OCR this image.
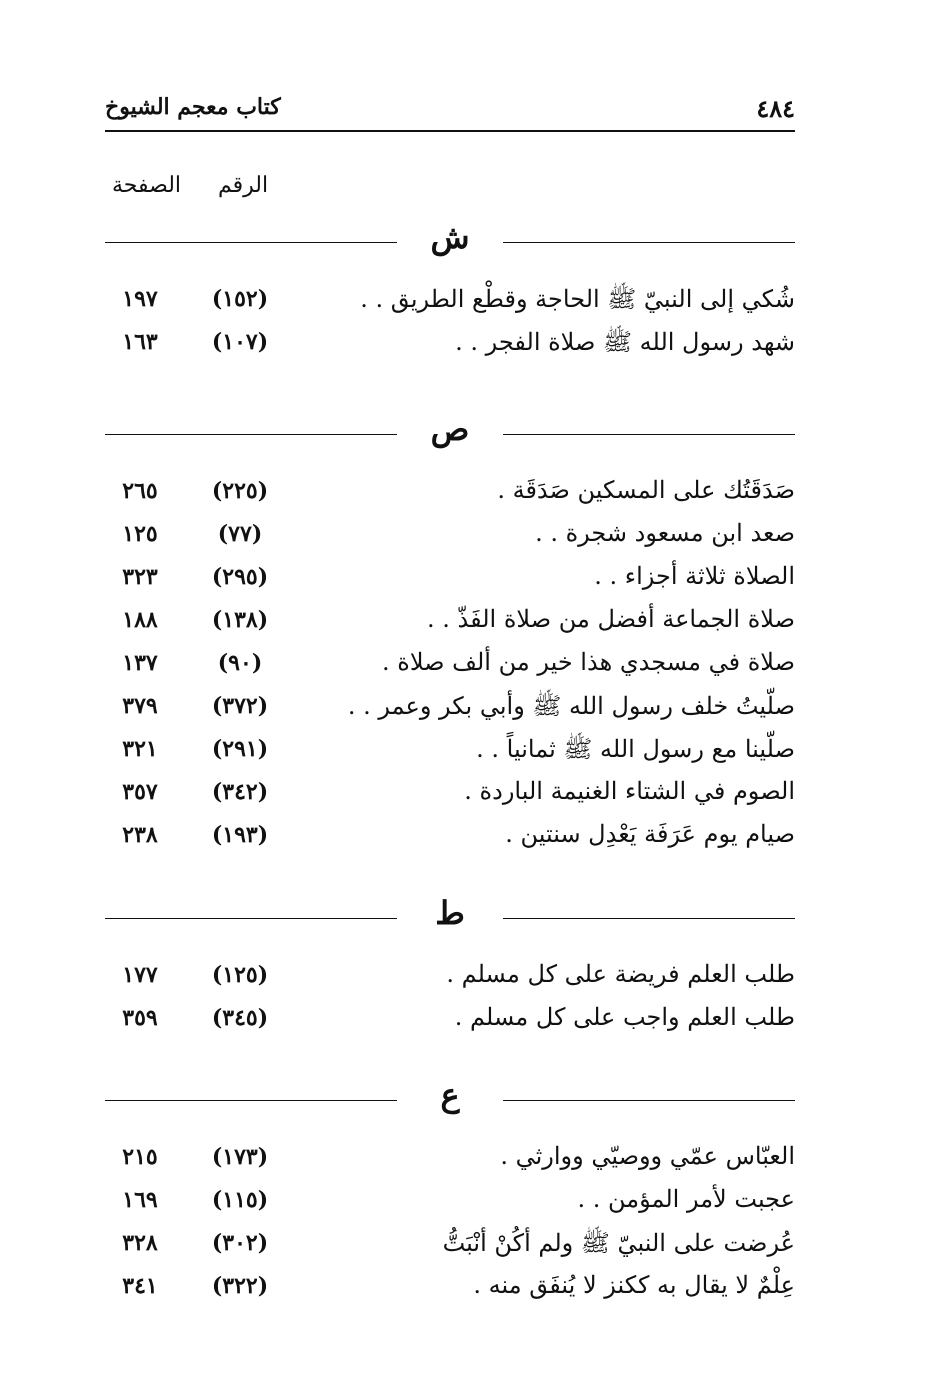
٤٨٤
كتاب معجم الشيوخ
الرقم
الصفحة
ش
شُكي إلى النبيّ ﷺ الحاجة وقطْع الطريق . .
(١٥٢)
١٩٧
شهد رسول الله ﷺ صلاة الفجر . .
(١٠٧)
١٦٣
ص
صَدَقَتُك على المسكين صَدَقَة .
(٢٢٥)
٢٦٥
صعد ابن مسعود شجرة . .
(٧٧)
١٢٥
الصلاة ثلاثة أجزاء . .
(٢٩٥)
٣٢٣
صلاة الجماعة أفضل من صلاة الفَذّ . .
(١٣٨)
١٨٨
صلاة في مسجدي هذا خير من ألف صلاة .
(٩٠)
١٣٧
صلّيتُ خلف رسول الله ﷺ وأبي بكر وعمر . .
(٣٧٢)
٣٧٩
صلّينا مع رسول الله ﷺ ثمانياً . .
(٢٩١)
٣٢١
الصوم في الشتاء الغنيمة الباردة .
(٣٤٢)
٣٥٧
صيام يوم عَرَفَة يَعْدِل سنتين .
(١٩٣)
٢٣٨
ط
طلب العلم فريضة على كل مسلم .
(١٢٥)
١٧٧
طلب العلم واجب على كل مسلم .
(٣٤٥)
٣٥٩
ع
العبّاس عمّي ووصيّي ووارثي .
(١٧٣)
٢١٥
عجبت لأمر المؤمن . .
(١١٥)
١٦٩
عُرضت على النبيّ ﷺ ولم أكُنْ أنْبَتُّ
(٣٠٢)
٣٢٨
عِلْمٌ لا يقال به ككنز لا يُنفَق منه .
(٣٢٢)
٣٤١
